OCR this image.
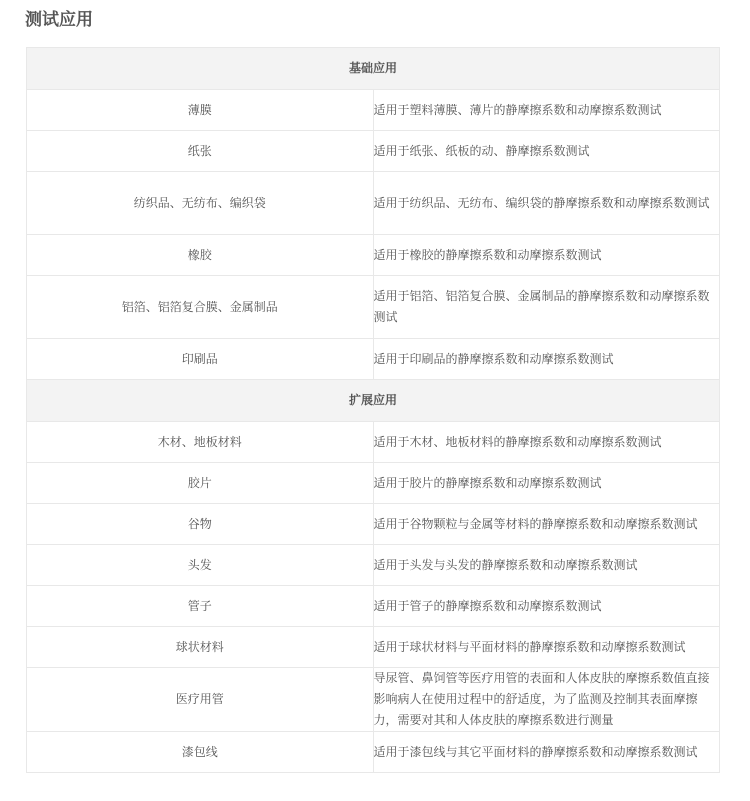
测试应用
基础应用	
薄膜	适用于塑料薄膜、薄片的静摩擦系数和动摩擦系数测试
纸张	适用于纸张、纸板的动、静摩擦系数测试
纺织品、无纺布、编织袋	适用于纺织品、无纺布、编织袋的静摩擦系数和动摩擦系数测试
橡胶	适用于橡胶的静摩擦系数和动摩擦系数测试
铝箔、铝箔复合膜、金属制品	适用于铝箔、铝箔复合膜、金属制品的静摩擦系数和动摩擦系数测试
印刷品	适用于印刷品的静摩擦系数和动摩擦系数测试
扩展应用	
木材、地板材料	适用于木材、地板材料的静摩擦系数和动摩擦系数测试
胶片	适用于胶片的静摩擦系数和动摩擦系数测试
谷物	适用于谷物颗粒与金属等材料的静摩擦系数和动摩擦系数测试
头发	适用于头发与头发的静摩擦系数和动摩擦系数测试
管子	适用于管子的静摩擦系数和动摩擦系数测试
球状材料	适用于球状材料与平面材料的静摩擦系数和动摩擦系数测试
医疗用管	导尿管、鼻饲管等医疗用管的表面和人体皮肤的摩擦系数值直接影响病人在使用过程中的舒适度，为了监测及控制其表面摩擦力，需要对其和人体皮肤的摩擦系数进行测量
漆包线	适用于漆包线与其它平面材料的静摩擦系数和动摩擦系数测试
